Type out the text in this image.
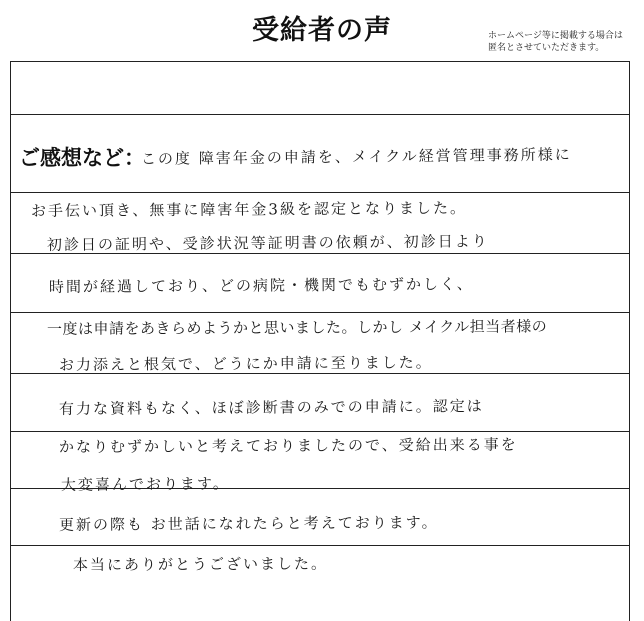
受給者の声	ホームページ等に掲載する場合は
匿名とさせていただきます。
ご感想など：
この度 障害年金の申請を、メイクル経営管理事務所様に
お手伝い頂き、無事に障害年金3級を認定となりました。
初診日の証明や、受診状況等証明書の依頼が、初診日より
時間が経過しており、どの病院・機関でもむずかしく、
一度は申請をあきらめようかと思いました。しかし メイクル担当者様の
お力添えと根気で、どうにか申請に至りました。
有力な資料もなく、ほぼ診断書のみでの申請に。認定は
かなりむずかしいと考えておりましたので、受給出来る事を
大変喜んでおります。
更新の際も お世話になれたらと考えております。
本当にありがとうございました。
